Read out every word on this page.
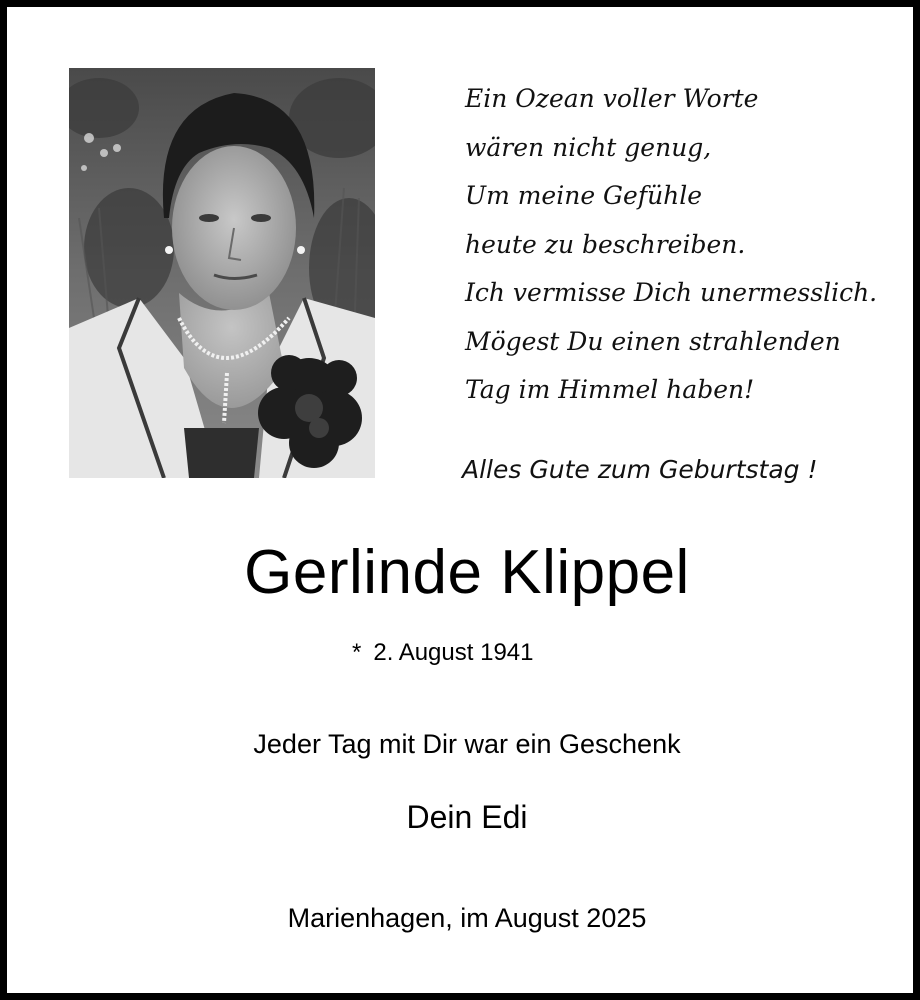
Ein Ozean voller Worte
wären nicht genug,
Um meine Gefühle
heute zu beschreiben.
Ich vermisse Dich unermesslich.
Mögest Du einen strahlenden
Tag im Himmel haben!
Alles Gute zum Geburtstag !
Gerlinde Klippel
* 2. August 1941
Jeder Tag mit Dir war ein Geschenk
Dein Edi
Marienhagen, im August 2025
